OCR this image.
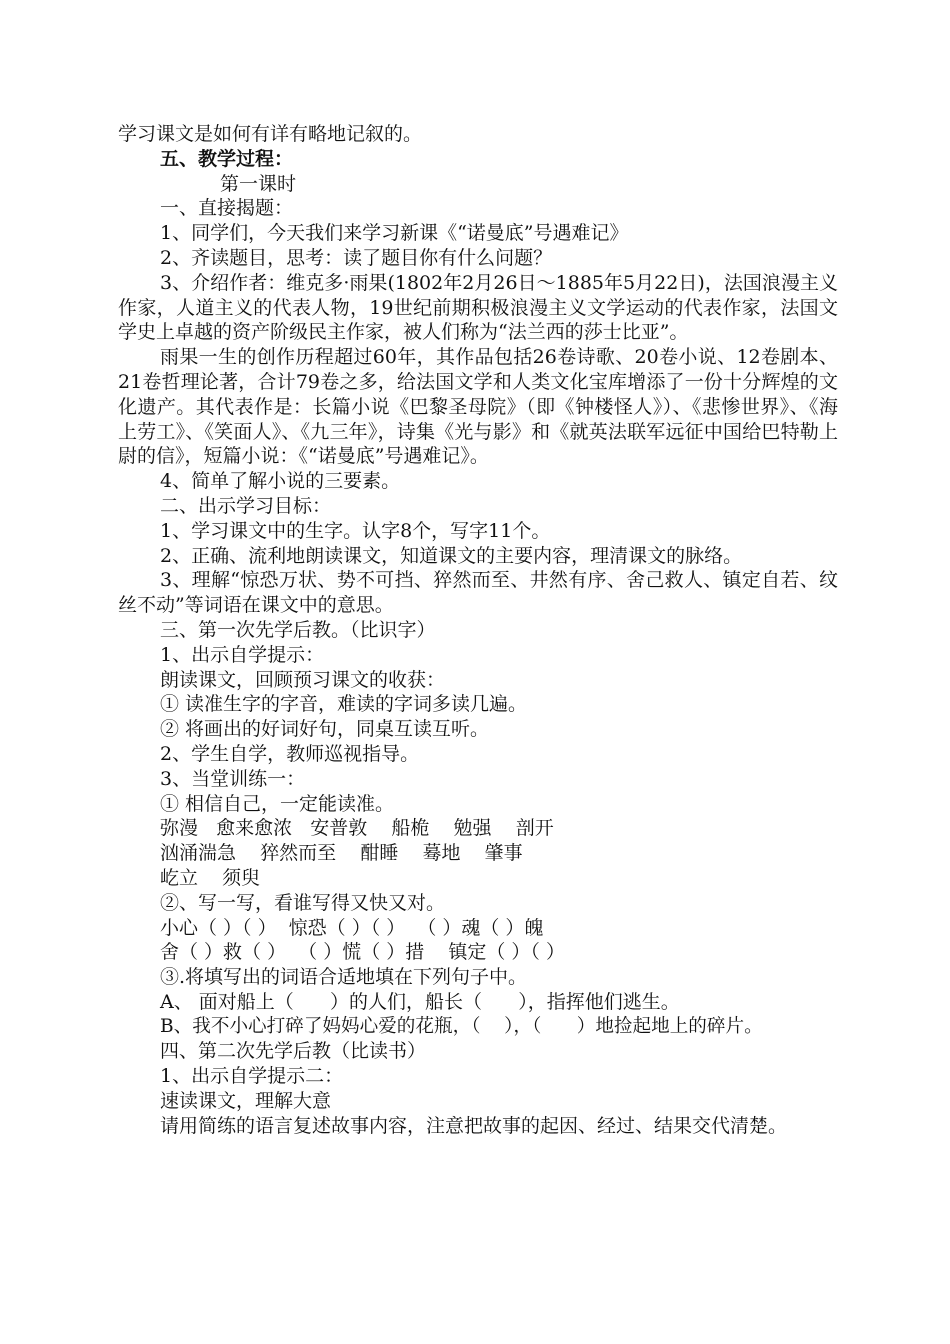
学习课文是如何有详有略地记叙的。

五、教学过程：

第一课时

一、直接揭题：

1、同学们，今天我们来学习新课《“诺曼底”号遇难记》

2、齐读题目，思考：读了题目你有什么问题？

3、介绍作者：维克多·雨果(1802年2月26日～1885年5月22日)，法国浪漫主义作家，人道主义的代表人物，19世纪前期积极浪漫主义文学运动的代表作家，法国文学史上卓越的资产阶级民主作家，被人们称为“法兰西的莎士比亚”。

雨果一生的创作历程超过60年，其作品包括26卷诗歌、20卷小说、12卷剧本、21卷哲理论著，合计79卷之多，给法国文学和人类文化宝库增添了一份十分辉煌的文化遗产。其代表作是：长篇小说《巴黎圣母院》（即《钟楼怪人》）、《悲惨世界》、《海上劳工》、《笑面人》、《九三年》，诗集《光与影》和《就英法联军远征中国给巴特勒上尉的信》，短篇小说：《“诺曼底”号遇难记》。

4、简单了解小说的三要素。

二、出示学习目标：

1、学习课文中的生字。认字8个，写字11个。

2、正确、流利地朗读课文，知道课文的主要内容，理清课文的脉络。

3、理解“惊恐万状、势不可挡、猝然而至、井然有序、舍己救人、镇定自若、纹丝不动”等词语在课文中的意思。

三、第一次先学后教。（比识字）

1、出示自学提示：

朗读课文，回顾预习课文的收获：

① 读准生字的字音，难读的字词多读几遍。

② 将画出的好词好句，同桌互读互听。

2、学生自学，教师巡视指导。

3、当堂训练一：

① 相信自己，一定能读准。

弥漫   愈来愈浓   安普敦    船桅    勉强    剖开

汹涌湍急    猝然而至    酣睡    蓦地    肇事

屹立    须臾

②、写一写，看谁写得又快又对。

小心（ ）（ ）  惊恐（ ）（ ）  （ ）魂（ ）魄

舍（ ）救（ ）  （ ）慌（ ）措    镇定（ ）（ ）

③.将填写出的词语合适地填在下列句子中。

A、 面对船上（      ）的人们，船长（      ），指挥他们逃生。

B、我不小心打碎了妈妈心爱的花瓶，（    ），（      ）地捡起地上的碎片。

四、第二次先学后教（比读书）

1、出示自学提示二：

速读课文，理解大意

请用简练的语言复述故事内容，注意把故事的起因、经过、结果交代清楚。
